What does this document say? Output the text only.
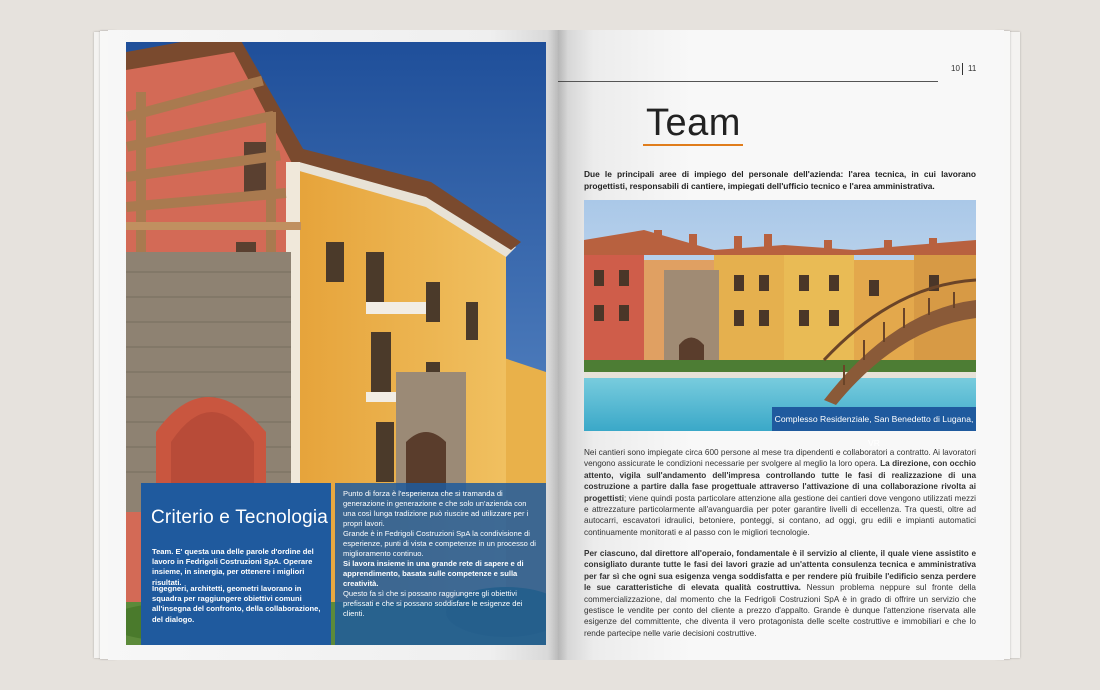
Criterio e Tecnologia

Team. E' questa una delle parole d'ordine del lavoro in Fedrigoli Costruzioni SpA. Operare insieme, in sinergia, per ottenere i migliori risultati.

Ingegneri, architetti, geometri lavorano in squadra per raggiungere obiettivi comuni all'insegna del confronto, della collaborazione, del dialogo.

Punto di forza è l'esperienza che si tramanda di generazione in generazione e che solo un'azienda con una così lunga tradizione può riuscire ad utilizzare per i propri lavori.

Grande è in Fedrigoli Costruzioni SpA la condivisione di esperienze, punti di vista e competenze in un processo di miglioramento continuo.

Si lavora insieme in una grande rete di sapere e di apprendimento, basata sulle competenze e sulla creatività.

Questo fa sì che si possano raggiungere gli obiettivi prefissati e che si possano soddisfare le esigenze dei clienti.

10 11
Team

Due le principali aree di impiego del personale dell'azienda: l'area tecnica, in cui lavorano progettisti, responsabili di cantiere, impiegati dell'ufficio tecnico e l'area amministrativa.

Complesso Residenziale, San Benedetto di Lugana, VR

Nei cantieri sono impiegate circa 600 persone al mese tra dipendenti e collaboratori a contratto. Ai lavoratori vengono assicurate le condizioni necessarie per svolgere al meglio la loro opera. La direzione, con occhio attento, vigila sull'andamento dell'impresa controllando tutte le fasi di realizzazione di una costruzione a partire dalla fase progettuale attraverso l'attivazione di una collaborazione rivolta ai progettisti; viene quindi posta particolare attenzione alla gestione dei cantieri dove vengono utilizzati mezzi e attrezzature particolarmente all'avanguardia per poter garantire livelli di eccellenza. Tra questi, oltre ad autocarri, escavatori idraulici, betoniere, ponteggi, si contano, ad oggi, gru edili e impianti automatici continuamente monitorati e al passo con le migliori tecnologie.

Per ciascuno, dal direttore all'operaio, fondamentale è il servizio al cliente, il quale viene assistito e consigliato durante tutte le fasi dei lavori grazie ad un'attenta consulenza tecnica e amministrativa per far sì che ogni sua esigenza venga soddisfatta e per rendere più fruibile l'edificio senza perdere le sue caratteristiche di elevata qualità costruttiva. Nessun problema neppure sul fronte della commercializzazione, dal momento che la Fedrigoli Costruzioni SpA è in grado di offrire un servizio che gestisce le vendite per conto del cliente a prezzo d'appalto. Grande è dunque l'attenzione riservata alle esigenze del committente, che diventa il vero protagonista delle scelte costruttive e immobiliari e che lo rende partecipe nelle varie decisioni costruttive.
